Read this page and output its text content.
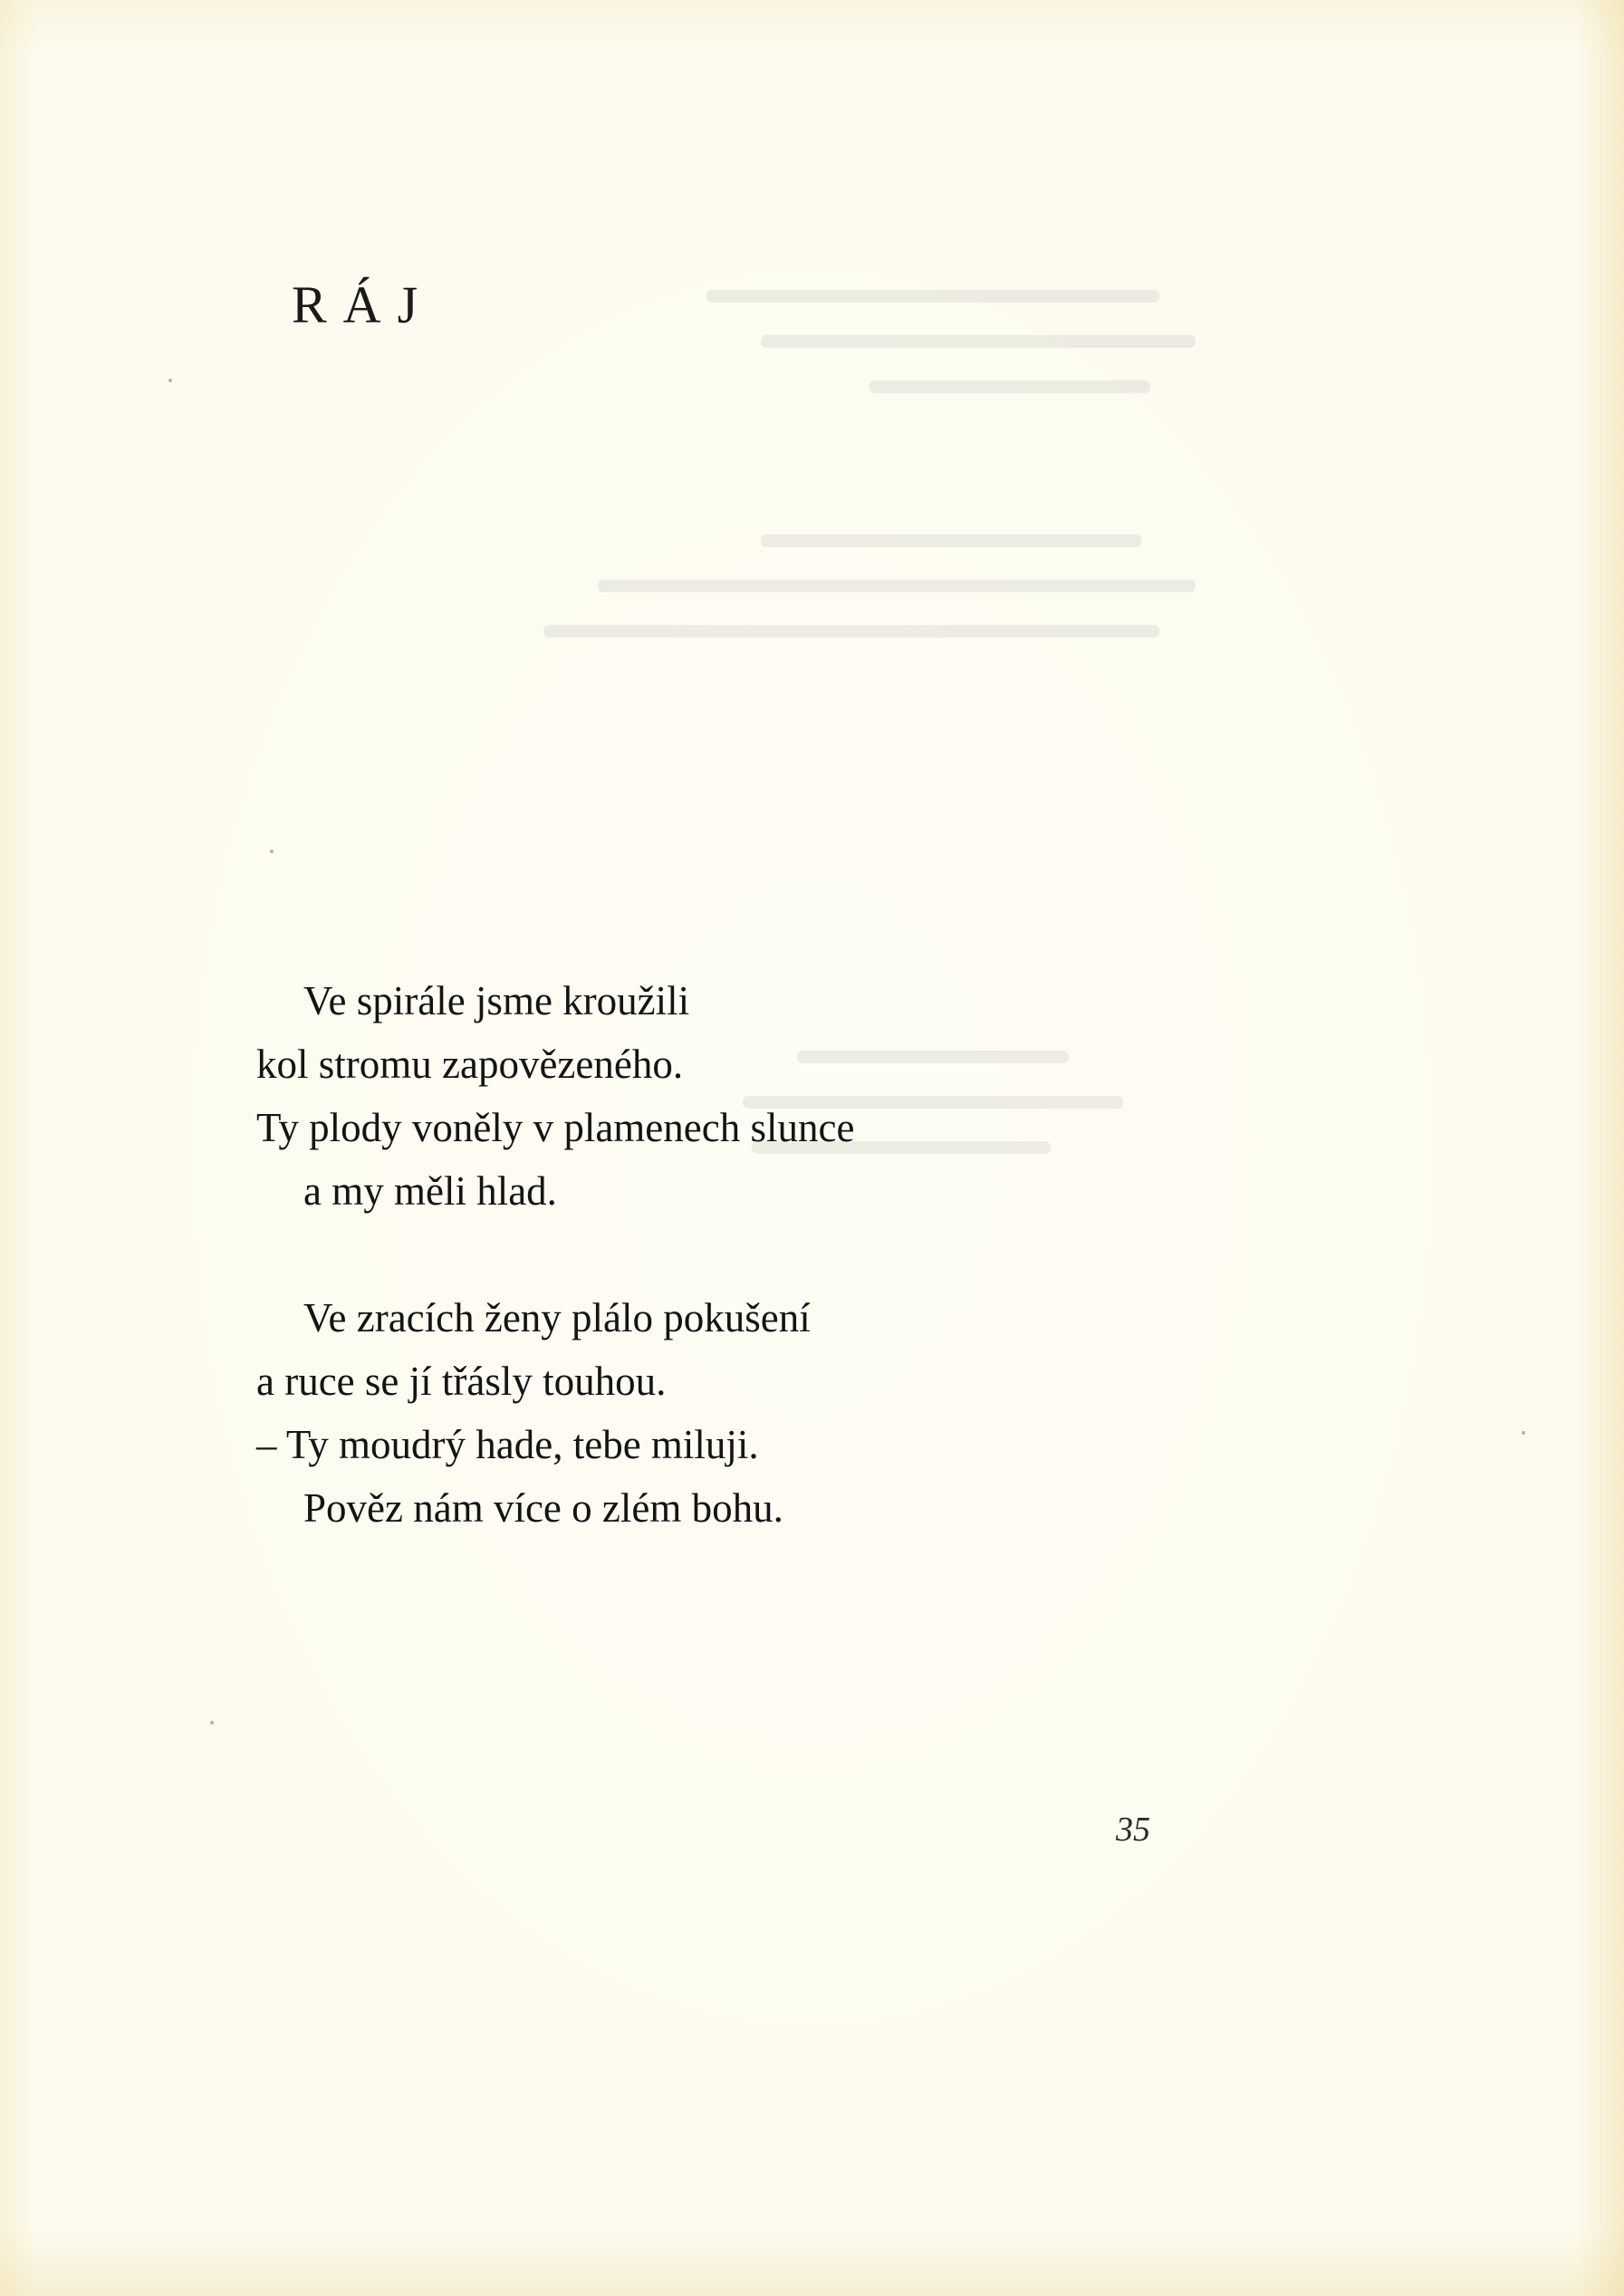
RÁJ
Ve spirále jsme kroužili
kol stromu zapovězeného.
Ty plody voněly v plamenech slunce
a my měli hlad.
Ve zracích ženy plálo pokušení
a ruce se jí třásly touhou.
– Ty moudrý hade, tebe miluji.
Pověz nám více o zlém bohu.
35
